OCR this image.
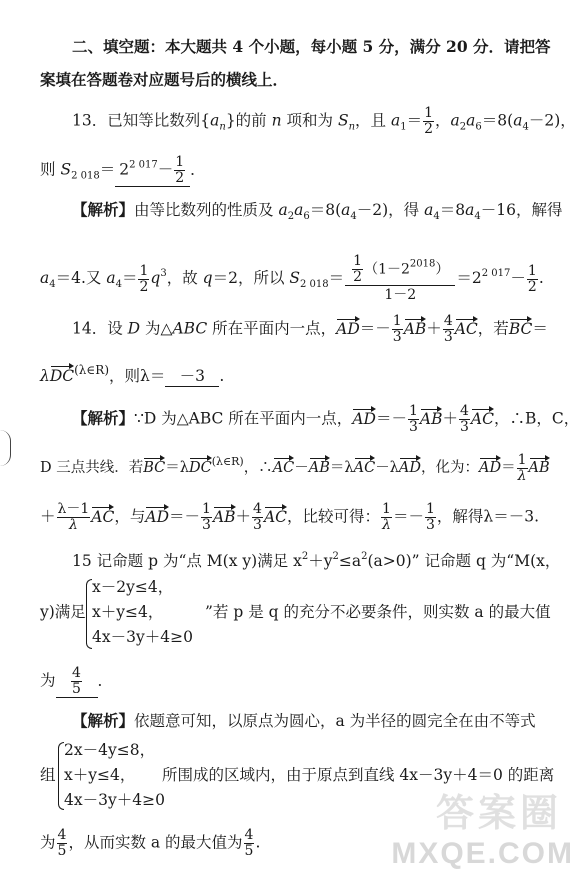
二、填空题：本大题共 4 个小题，每小题 5 分，满分 20 分．请把答
案填在答题卷对应题号后的横线上．
13．已知等比数列$\{a_n\}$的前 n 项和为 $S_n$，且 $a_1= \frac{1}{2}$ ，$a_2a_6=8(a_4-2)$，
则 $S_{2 018}= 2^{2 017}- \frac{1}{2}$ ．
【解析】由等比数列的性质及 $a_2a_6=8(a_4-2)$，得 $a_4=8a_4-16$，解得
$a_4=4$.又 $a_4= \frac{1}{2} q^3$，故 q＝2，所以 $S_{2 018}= \frac{\frac{1}{2} (1-2^{2018})}{1-2} =2^{2 017}- \frac{1}{2}$ .
14．设 D 为△ABC 所在平面内一点，$AD=- \frac{1}{3} AB+ \frac{4}{3}$ AC，若BC＝
λDC$^{(\lambda\in R)}$，则λ＝ －3 .
【解析】∵D 为△ABC 所在平面内一点，$AD=- \frac{1}{3} AB+ \frac{4}{3}$ AC，∴B，C，
D 三点共线．若BC＝λDC$^{(\lambda\in R)}$，∴AC－AB＝λAC－λAD，化为：$AD= \frac{1}{\lambda}$ AB
＋ $\frac{\lambda-1}{\lambda}$ AC，与$AD=- \frac{1}{3} AB+ \frac{4}{3}$ AC，比较可得： $\frac{1}{\lambda} =- \frac{1}{3}$ ，解得λ＝－3.
15 记命题 p 为“点 M(x y)满足 $x^2+y^2\le a^2(a>0)$” 记命题 q 为“M(x，
x－2y≤4，
y)满足 x＋y≤4，	”若 p 是 q 的充分不必要条件，则实数 a 的最大值
4x－3y＋4≥0
为 $\frac{4}{5}$ ．
【解析】依题意可知，以原点为圆心，a 为半径的圆完全在由不等式
2x－4y≤8，
组 x＋y≤4， 所围成的区域内，由于原点到直线 4x－3y＋4＝0 的距离
4x－3y＋4≥0
为 $\frac{4}{5}$ ，从而实数 a 的最大值为 $\frac{4}{5}$ .
答案圈
MXQE.COM
